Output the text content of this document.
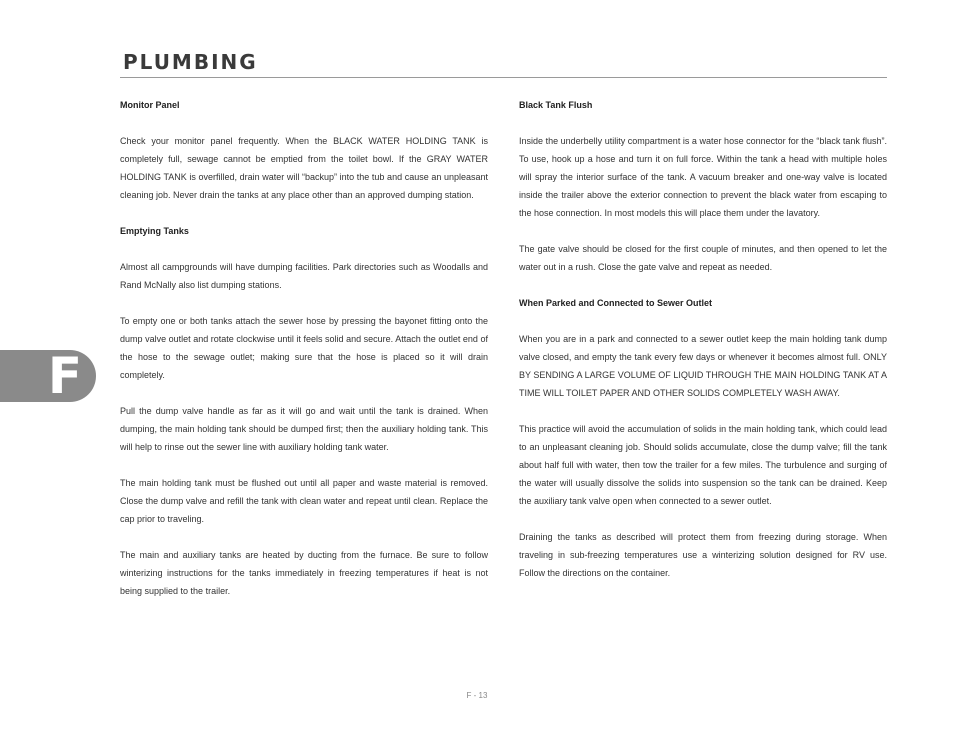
PLUMBING
Monitor Panel

Check your monitor panel frequently. When the BLACK WATER HOLDING TANK is completely full, sewage cannot be emptied from the toilet bowl. If the GRAY WATER HOLDING TANK is overfilled, drain water will “backup” into the tub and cause an unpleasant cleaning job. Never drain the tanks at any place other than an approved dumping station.

Emptying Tanks

Almost all campgrounds will have dumping facilities. Park directories such as Woodalls and Rand McNally also list dumping stations.

To empty one or both tanks attach the sewer hose by pressing the bayonet fitting onto the dump valve outlet and rotate clockwise until it feels solid and secure. Attach the outlet end of the hose to the sewage outlet; making sure that the hose is placed so it will drain completely.

Pull the dump valve handle as far as it will go and wait until the tank is drained. When dumping, the main holding tank should be dumped first; then the auxiliary holding tank. This will help to rinse out the sewer line with auxiliary holding tank water.

The main holding tank must be flushed out until all paper and waste material is removed. Close the dump valve and refill the tank with clean water and repeat until clean. Replace the cap prior to traveling.

The main and auxiliary tanks are heated by ducting from the furnace. Be sure to follow winterizing instructions for the tanks immediately in freezing temperatures if heat is not being supplied to the trailer.

Black Tank Flush

Inside the underbelly utility compartment is a water hose connector for the “black tank flush”. To use, hook up a hose and turn it on full force. Within the tank a head with multiple holes will spray the interior surface of the tank. A vacuum breaker and one-way valve is located inside the trailer above the exterior connection to prevent the black water from escaping to the hose connection. In most models this will place them under the lavatory.

The gate valve should be closed for the first couple of minutes, and then opened to let the water out in a rush. Close the gate valve and repeat as needed.

When Parked and Connected to Sewer Outlet

When you are in a park and connected to a sewer outlet keep the main holding tank dump valve closed, and empty the tank every few days or whenever it becomes almost full. ONLY BY SENDING A LARGE VOLUME OF LIQUID THROUGH THE MAIN HOLDING TANK AT A TIME WILL TOILET PAPER AND OTHER SOLIDS COMPLETELY WASH AWAY.

This practice will avoid the accumulation of solids in the main holding tank, which could lead to an unpleasant cleaning job. Should solids accumulate, close the dump valve; fill the tank about half full with water, then tow the trailer for a few miles. The turbulence and surging of the water will usually dissolve the solids into suspension so the tank can be drained. Keep the auxiliary tank valve open when connected to a sewer outlet.

Draining the tanks as described will protect them from freezing during storage. When traveling in sub-freezing temperatures use a winterizing solution designed for RV use. Follow the directions on the container.

F
F - 13
